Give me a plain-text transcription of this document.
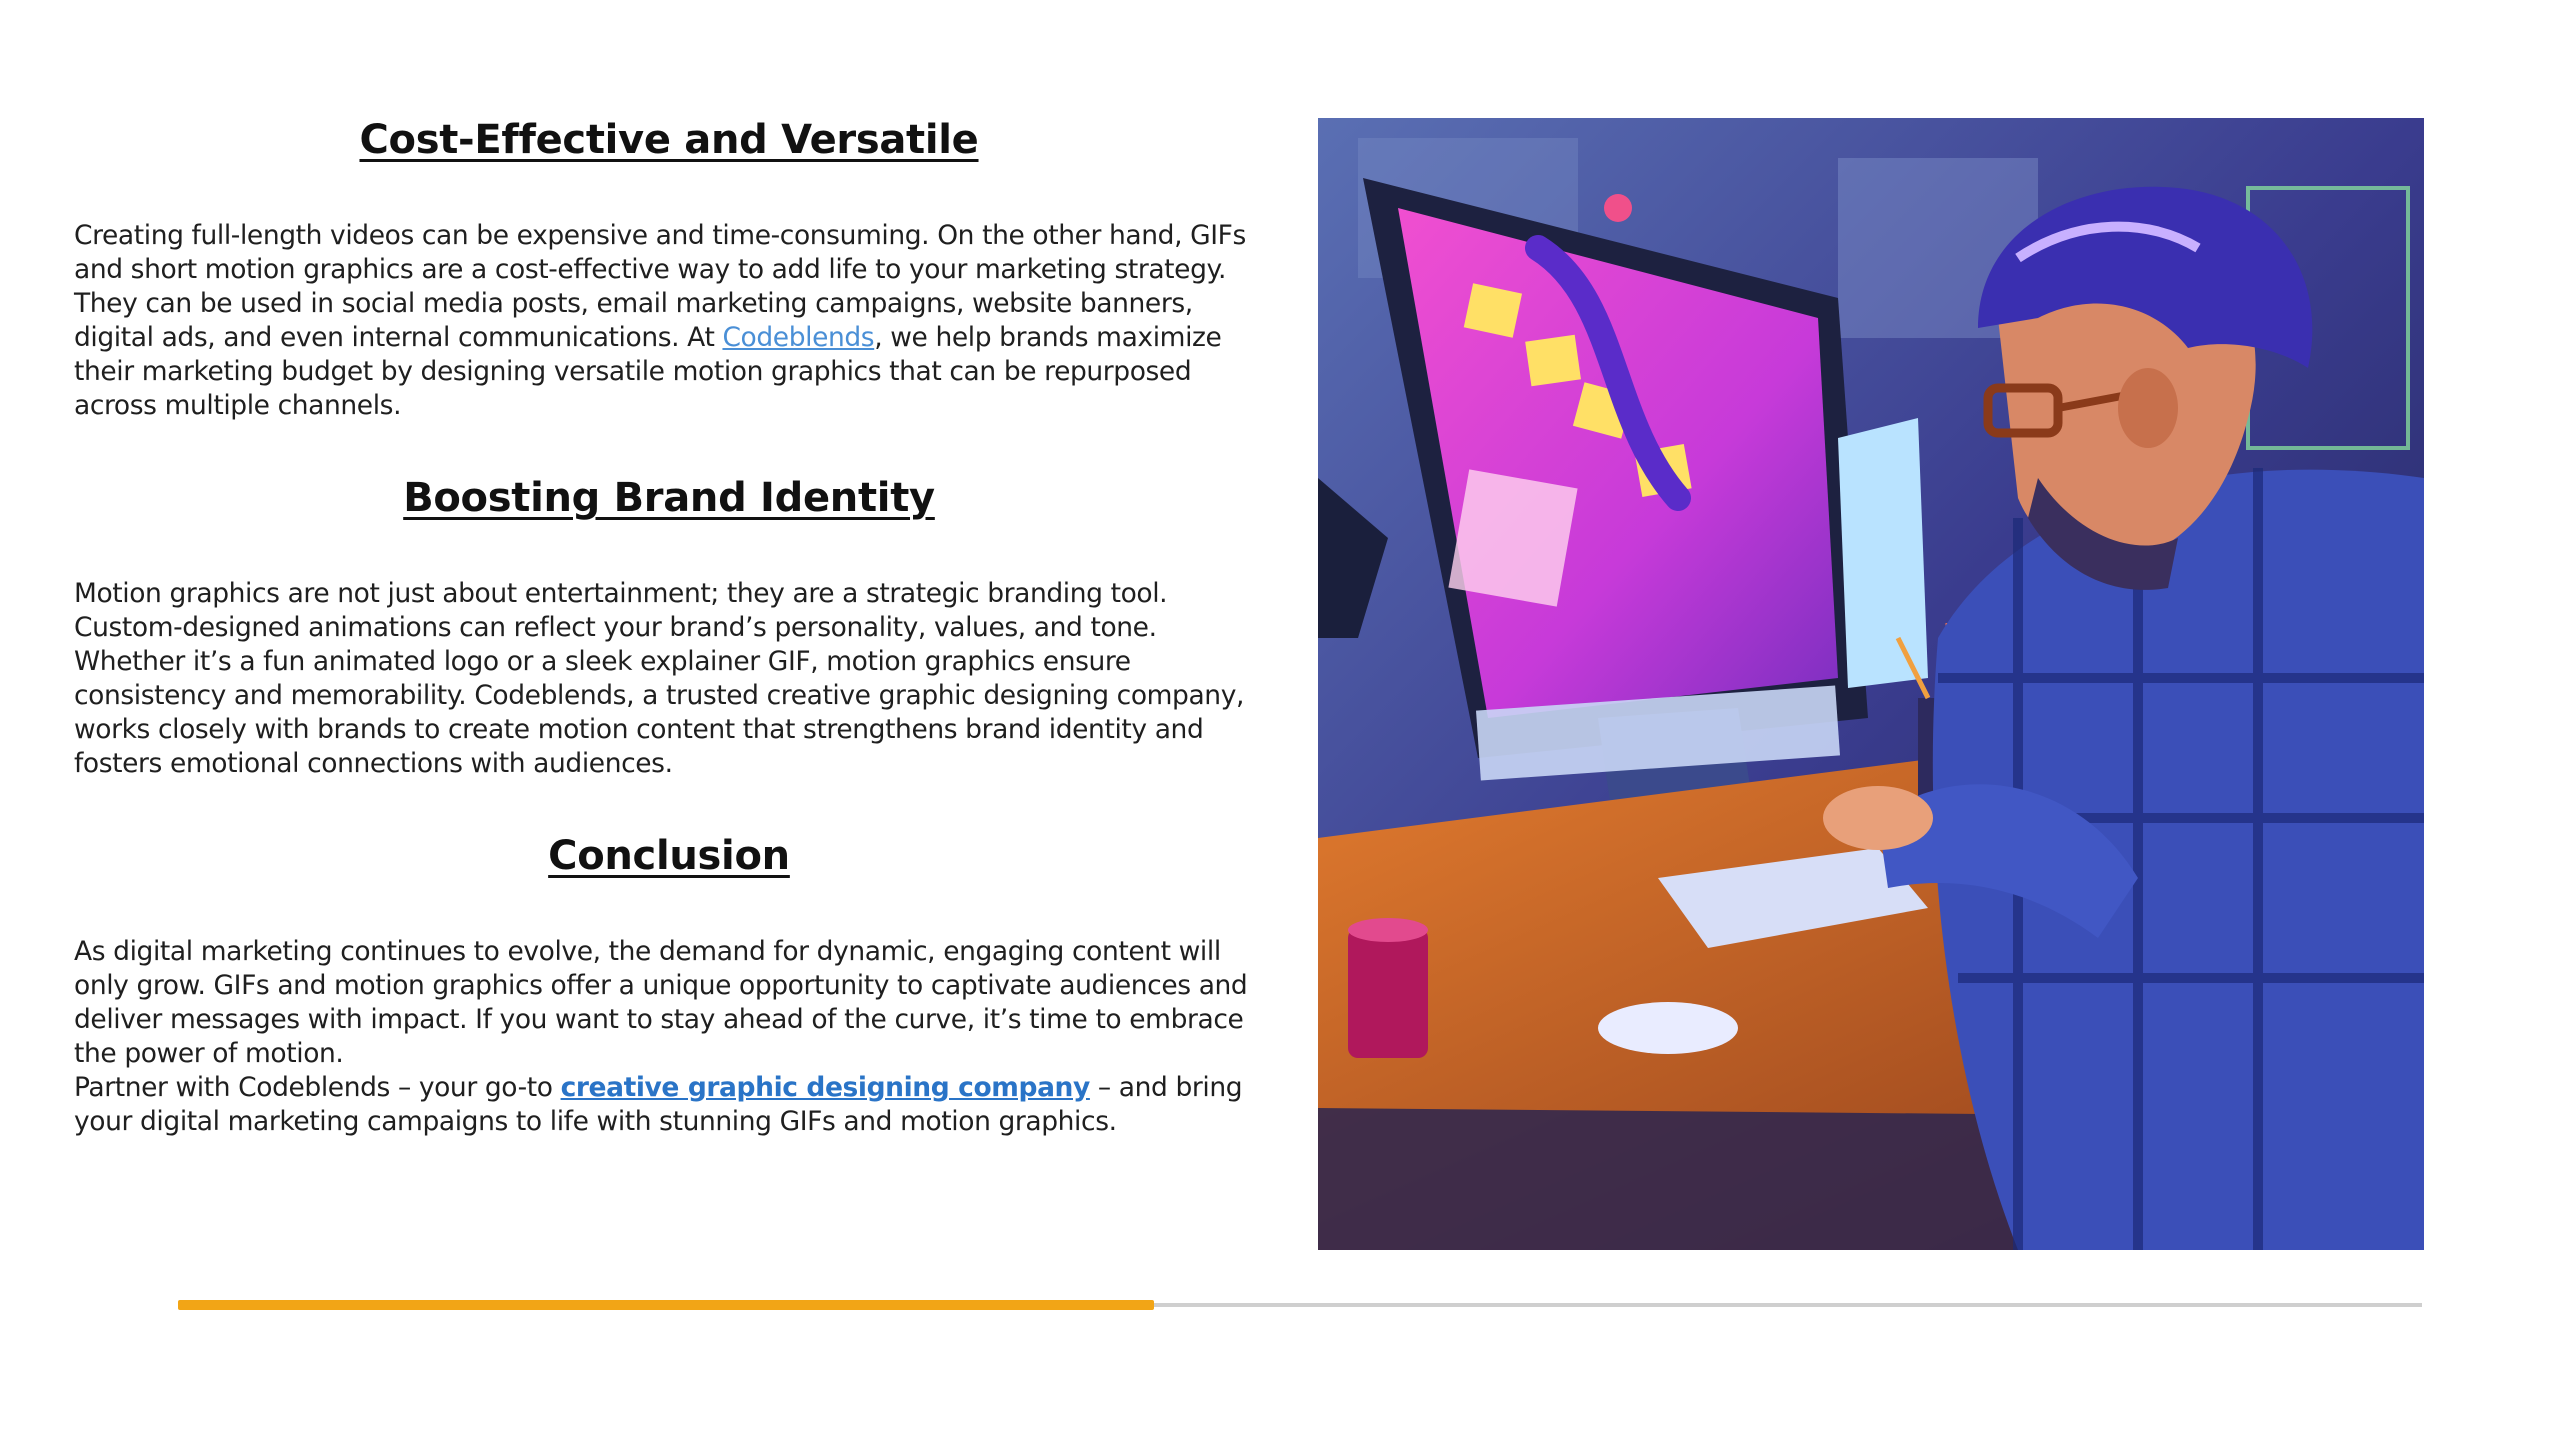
Cost-Effective and Versatile

Creating full-length videos can be expensive and time-consuming. On the other hand, GIFs and short motion graphics are a cost-effective way to add life to your marketing strategy. They can be used in social media posts, email marketing campaigns, website banners, digital ads, and even internal communications. At Codeblends, we help brands maximize their marketing budget by designing versatile motion graphics that can be repurposed across multiple channels.

Boosting Brand Identity

Motion graphics are not just about entertainment; they are a strategic branding tool. Custom-designed animations can reflect your brand’s personality, values, and tone. Whether it’s a fun animated logo or a sleek explainer GIF, motion graphics ensure consistency and memorability. Codeblends, a trusted creative graphic designing company, works closely with brands to create motion content that strengthens brand identity and fosters emotional connections with audiences.

Conclusion

As digital marketing continues to evolve, the demand for dynamic, engaging content will only grow. GIFs and motion graphics offer a unique opportunity to captivate audiences and deliver messages with impact. If you want to stay ahead of the curve, it’s time to embrace the power of motion.
Partner with Codeblends – your go-to creative graphic designing company – and bring your digital marketing campaigns to life with stunning GIFs and motion graphics.
